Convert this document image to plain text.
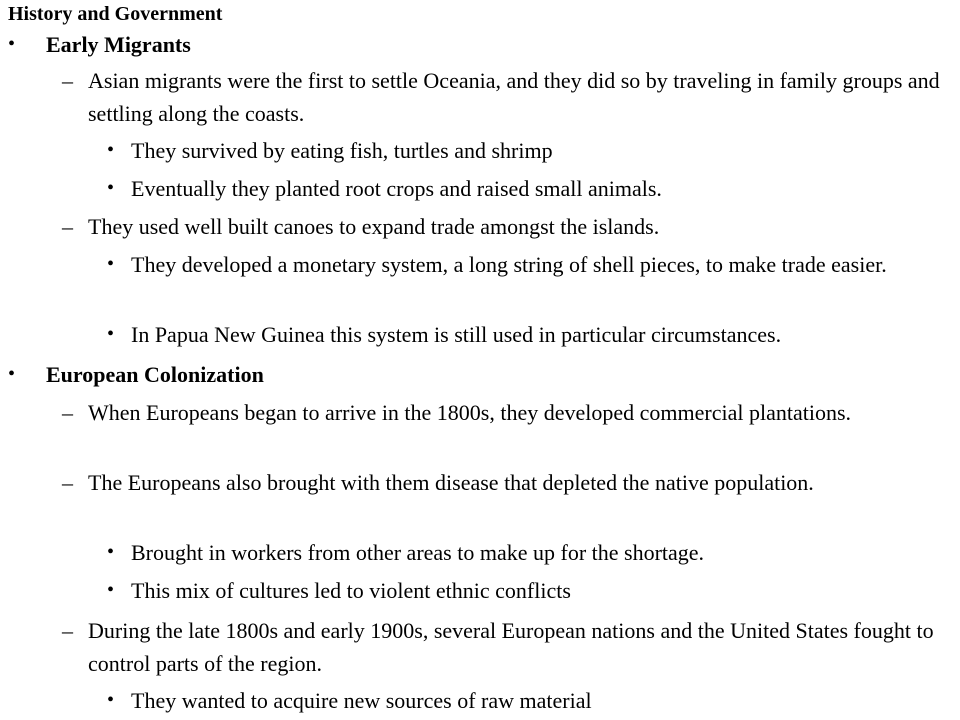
History and Government
• Early Migrants
– Asian migrants were the first to settle Oceania, and they did so by traveling in family groups and settling along the coasts.
• They survived by eating fish, turtles and shrimp
• Eventually they planted root crops and raised small animals.
– They used well built canoes to expand trade amongst the islands.
• They developed a monetary system, a long string of shell pieces, to make trade easier.
• In Papua New Guinea this system is still used in particular circumstances.
• European Colonization
– When Europeans began to arrive in the 1800s, they developed commercial plantations.
– The Europeans also brought with them disease that depleted the native population.
• Brought in workers from other areas to make up for the shortage.
• This mix of cultures led to violent ethnic conflicts
– During the late 1800s and early 1900s, several European nations and the United States fought to control parts of the region.
• They wanted to acquire new sources of raw material
